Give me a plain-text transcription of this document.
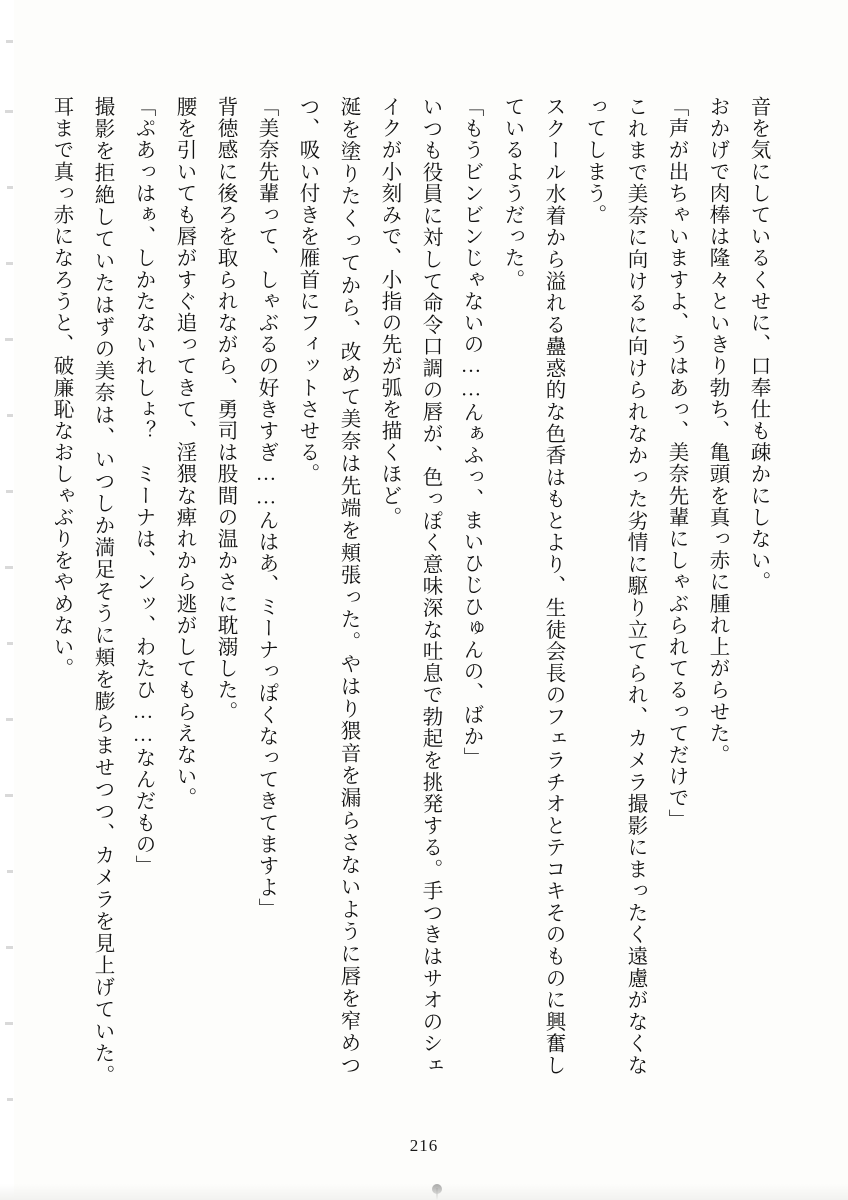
音を気にしているくせに、口奉仕も疎かにしない。

おかげで肉棒は隆々といきり勃ち、亀頭を真っ赤に腫れ上がらせた。

「声が出ちゃいますよ、うはあっ、美奈先輩にしゃぶられてるってだけで」

これまで美奈に向けるに向けられなかった劣情に駆り立てられ、カメラ撮影にまったく遠慮がなくなってしまう。

スクール水着から溢れる蠱惑的な色香はもとより、生徒会長のフェラチオとテコキそのものに興奮しているようだった。

「もうビンビンじゃないの……んぁふっ、まいひじひゅんの、ばか」

いつも役員に対して命令口調の唇が、色っぽく意味深な吐息で勃起を挑発する。手つきはサオのシェイクが小刻みで、小指の先が弧を描くほど。

涎を塗りたくってから、改めて美奈は先端を頬張った。やはり猥音を漏らさないように唇を窄めつつ、吸い付きを雁首にフィットさせる。

「美奈先輩って、しゃぶるの好きすぎ……んはあ、ミーナっぽくなってきてますよ」

背徳感に後ろを取られながら、勇司は股間の温かさに耽溺した。

腰を引いても唇がすぐ追ってきて、淫猥な痺れから逃がしてもらえない。

「ぷあっはぁ、しかたないれしょ？　ミーナは、ンッ、わたひ……なんだもの」

撮影を拒絶していたはずの美奈は、いつしか満足そうに頬を膨らませつつ、カメラを見上げていた。　耳まで真っ赤になろうと、破廉恥なおしゃぶりをやめない。

216
